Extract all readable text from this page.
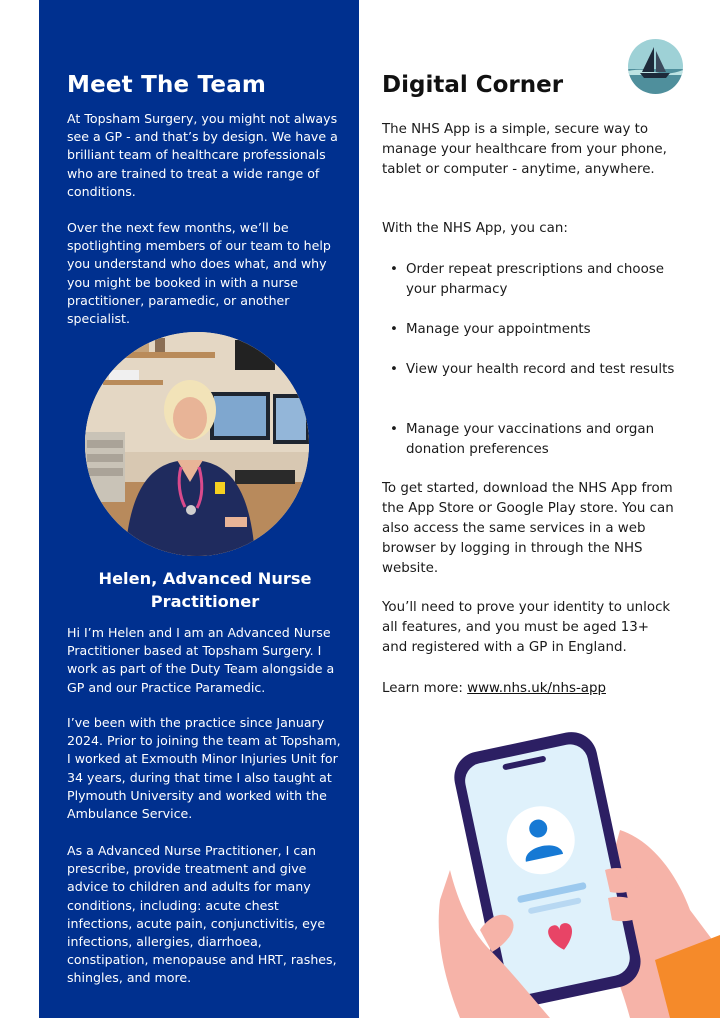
Meet The Team

At Topsham Surgery, you might not always see a GP - and that’s by design. We have a brilliant team of healthcare professionals who are trained to treat a wide range of conditions.

Over the next few months, we’ll be spotlighting members of our team to help you understand who does what, and why you might be booked in with a nurse practitioner, paramedic, or another specialist.

Helen, Advanced Nurse Practitioner

Hi I’m Helen and I am an Advanced Nurse Practitioner based at Topsham Surgery. I work as part of the Duty Team alongside a GP and our Practice Paramedic.

I’ve been with the practice since January 2024. Prior to joining the team at Topsham, I worked at Exmouth Minor Injuries Unit for 34 years, during that time I also taught at Plymouth University and worked with the Ambulance Service.

As a Advanced Nurse Practitioner, I can prescribe, provide treatment and give advice to children and adults for many conditions, including: acute chest infections, acute pain, conjunctivitis, eye infections, allergies, diarrhoea, constipation, menopause and HRT, rashes, shingles, and more.

Digital Corner

The NHS App is a simple, secure way to manage your healthcare from your phone, tablet or computer - anytime, anywhere.

With the NHS App, you can:

• Order repeat prescriptions and choose your pharmacy
• Manage your appointments
• View your health record and test results
• Manage your vaccinations and organ donation preferences

To get started, download the NHS App from the App Store or Google Play store. You can also access the same services in a web browser by logging in through the NHS website.

You’ll need to prove your identity to unlock all features, and you must be aged 13+ and registered with a GP in England.

Learn more: www.nhs.uk/nhs-app
